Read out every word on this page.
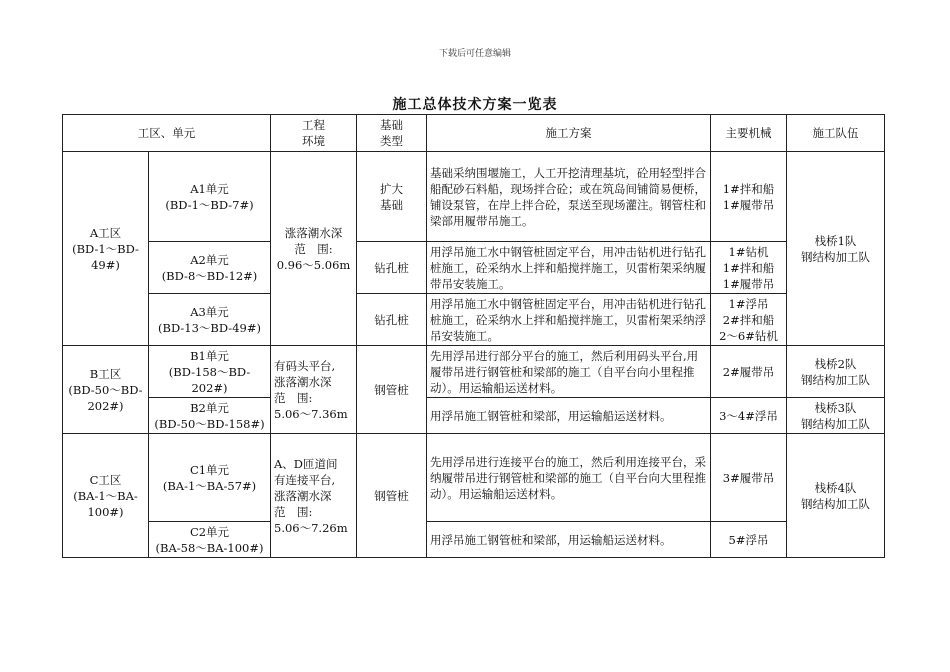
下载后可任意编辑
施工总体技术方案一览表
工区、单元		工程
环境	基础
类型	施工方案	主要机械	施工队伍

A工区
(BD-1～BD-
49#)	A1单元
(BD-1～BD-7#)	涨落潮水深
范　围:
0.96～5.06m	扩大
基础	基础采纳围堰施工，人工开挖清理基坑，砼用轻型拌合船配砂石料船，现场拌合砼；或在筑岛间铺简易便桥，铺设泵管，在岸上拌合砼，泵送至现场灌注。钢管柱和梁部用履带吊施工。	1#拌和船
1#履带吊	栈桥1队
钢结构加工队

	A2单元
(BD-8～BD-12#)		钻孔桩	用浮吊施工水中钢管桩固定平台，用冲击钻机进行钻孔桩施工，砼采纳水上拌和船搅拌施工，贝雷桁架采纳履带吊安装施工。	1#钻机
1#拌和船
1#履带吊	

	A3单元
(BD-13～BD-49#)		钻孔桩	用浮吊施工水中钢管桩固定平台，用冲击钻机进行钻孔桩施工，砼采纳水上拌和船搅拌施工，贝雷桁架采纳浮吊安装施工。	1#浮吊
2#拌和船
2～6#钻机	

B工区
(BD-50～BD-
202#)	B1单元
(BD-158～BD-202#)	有码头平台,
涨落潮水深
范　围:
5.06～7.36m	钢管桩	先用浮吊进行部分平台的施工，然后利用码头平台,用履带吊进行钢管桩和梁部的施工（自平台向小里程推动）。用运输船运送材料。	2#履带吊	栈桥2队
钢结构加工队

	B2单元
(BD-50～BD-158#)			用浮吊施工钢管桩和梁部，用运输船运送材料。	3～4#浮吊	栈桥3队
钢结构加工队

C工区
(BA-1～BA-
100#)	C1单元
(BA-1～BA-57#)	A、D匝道间
有连接平台,
涨落潮水深
范　围:
5.06～7.26m	钢管桩	先用浮吊进行连接平台的施工，然后利用连接平台，采纳履带吊进行钢管桩和梁部的施工（自平台向大里程推动）。用运输船运送材料。	3#履带吊	栈桥4队
钢结构加工队

	C2单元
(BA-58～BA-100#)			用浮吊施工钢管桩和梁部，用运输船运送材料。	5#浮吊	
